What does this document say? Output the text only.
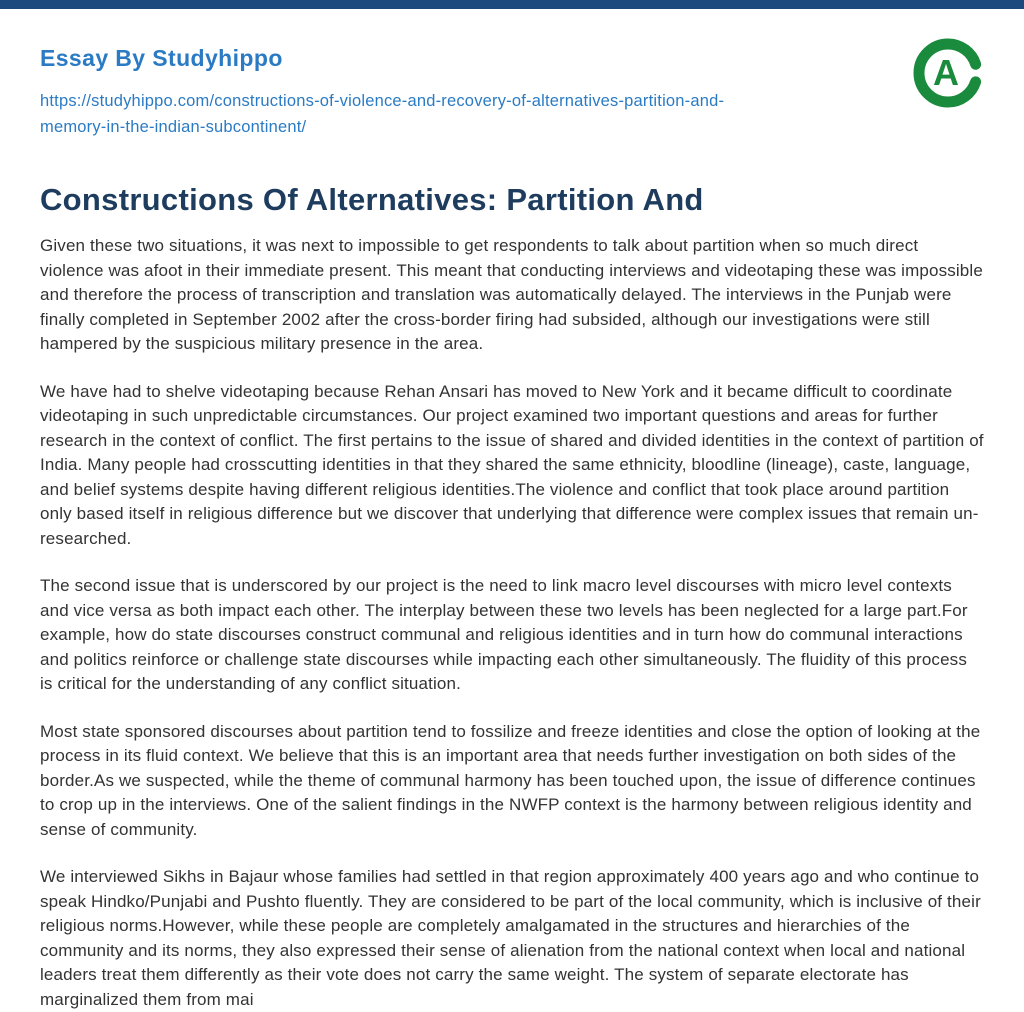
Essay By Studyhippo
https://studyhippo.com/constructions-of-violence-and-recovery-of-alternatives-partition-and-
memory-in-the-indian-subcontinent/
A
Constructions Of Alternatives: Partition And

Given these two situations, it was next to impossible to get respondents to talk about partition when so much direct violence was afoot in their immediate present. This meant that conducting interviews and videotaping these was impossible and therefore the process of transcription and translation was automatically delayed. The interviews in the Punjab were finally completed in September 2002 after the cross-border firing had subsided, although our investigations were still hampered by the suspicious military presence in the area.

We have had to shelve videotaping because Rehan Ansari has moved to New York and it became difficult to coordinate videotaping in such unpredictable circumstances. Our project examined two important questions and areas for further research in the context of conflict. The first pertains to the issue of shared and divided identities in the context of partition of India. Many people had crosscutting identities in that they shared the same ethnicity, bloodline (lineage), caste, language, and belief systems despite having different religious identities.The violence and conflict that took place around partition only based itself in religious difference but we discover that underlying that difference were complex issues that remain un-researched.

The second issue that is underscored by our project is the need to link macro level discourses with micro level contexts and vice versa as both impact each other. The interplay between these two levels has been neglected for a large part.For example, how do state discourses construct communal and religious identities and in turn how do communal interactions and politics reinforce or challenge state discourses while impacting each other simultaneously. The fluidity of this process is critical for the understanding of any conflict situation.

Most state sponsored discourses about partition tend to fossilize and freeze identities and close the option of looking at the process in its fluid context. We believe that this is an important area that needs further investigation on both sides of the border.As we suspected, while the theme of communal harmony has been touched upon, the issue of difference continues to crop up in the interviews. One of the salient findings in the NWFP context is the harmony between religious identity and sense of community.

We interviewed Sikhs in Bajaur whose families had settled in that region approximately 400 years ago and who continue to speak Hindko/Punjabi and Pushto fluently. They are considered to be part of the local community, which is inclusive of their religious norms.However, while these people are completely amalgamated in the structures and hierarchies of the community and its norms, they also expressed their sense of alienation from the national context when local and national leaders treat them differently as their vote does not carry the same weight. The system of separate electorate has marginalized them from mai
